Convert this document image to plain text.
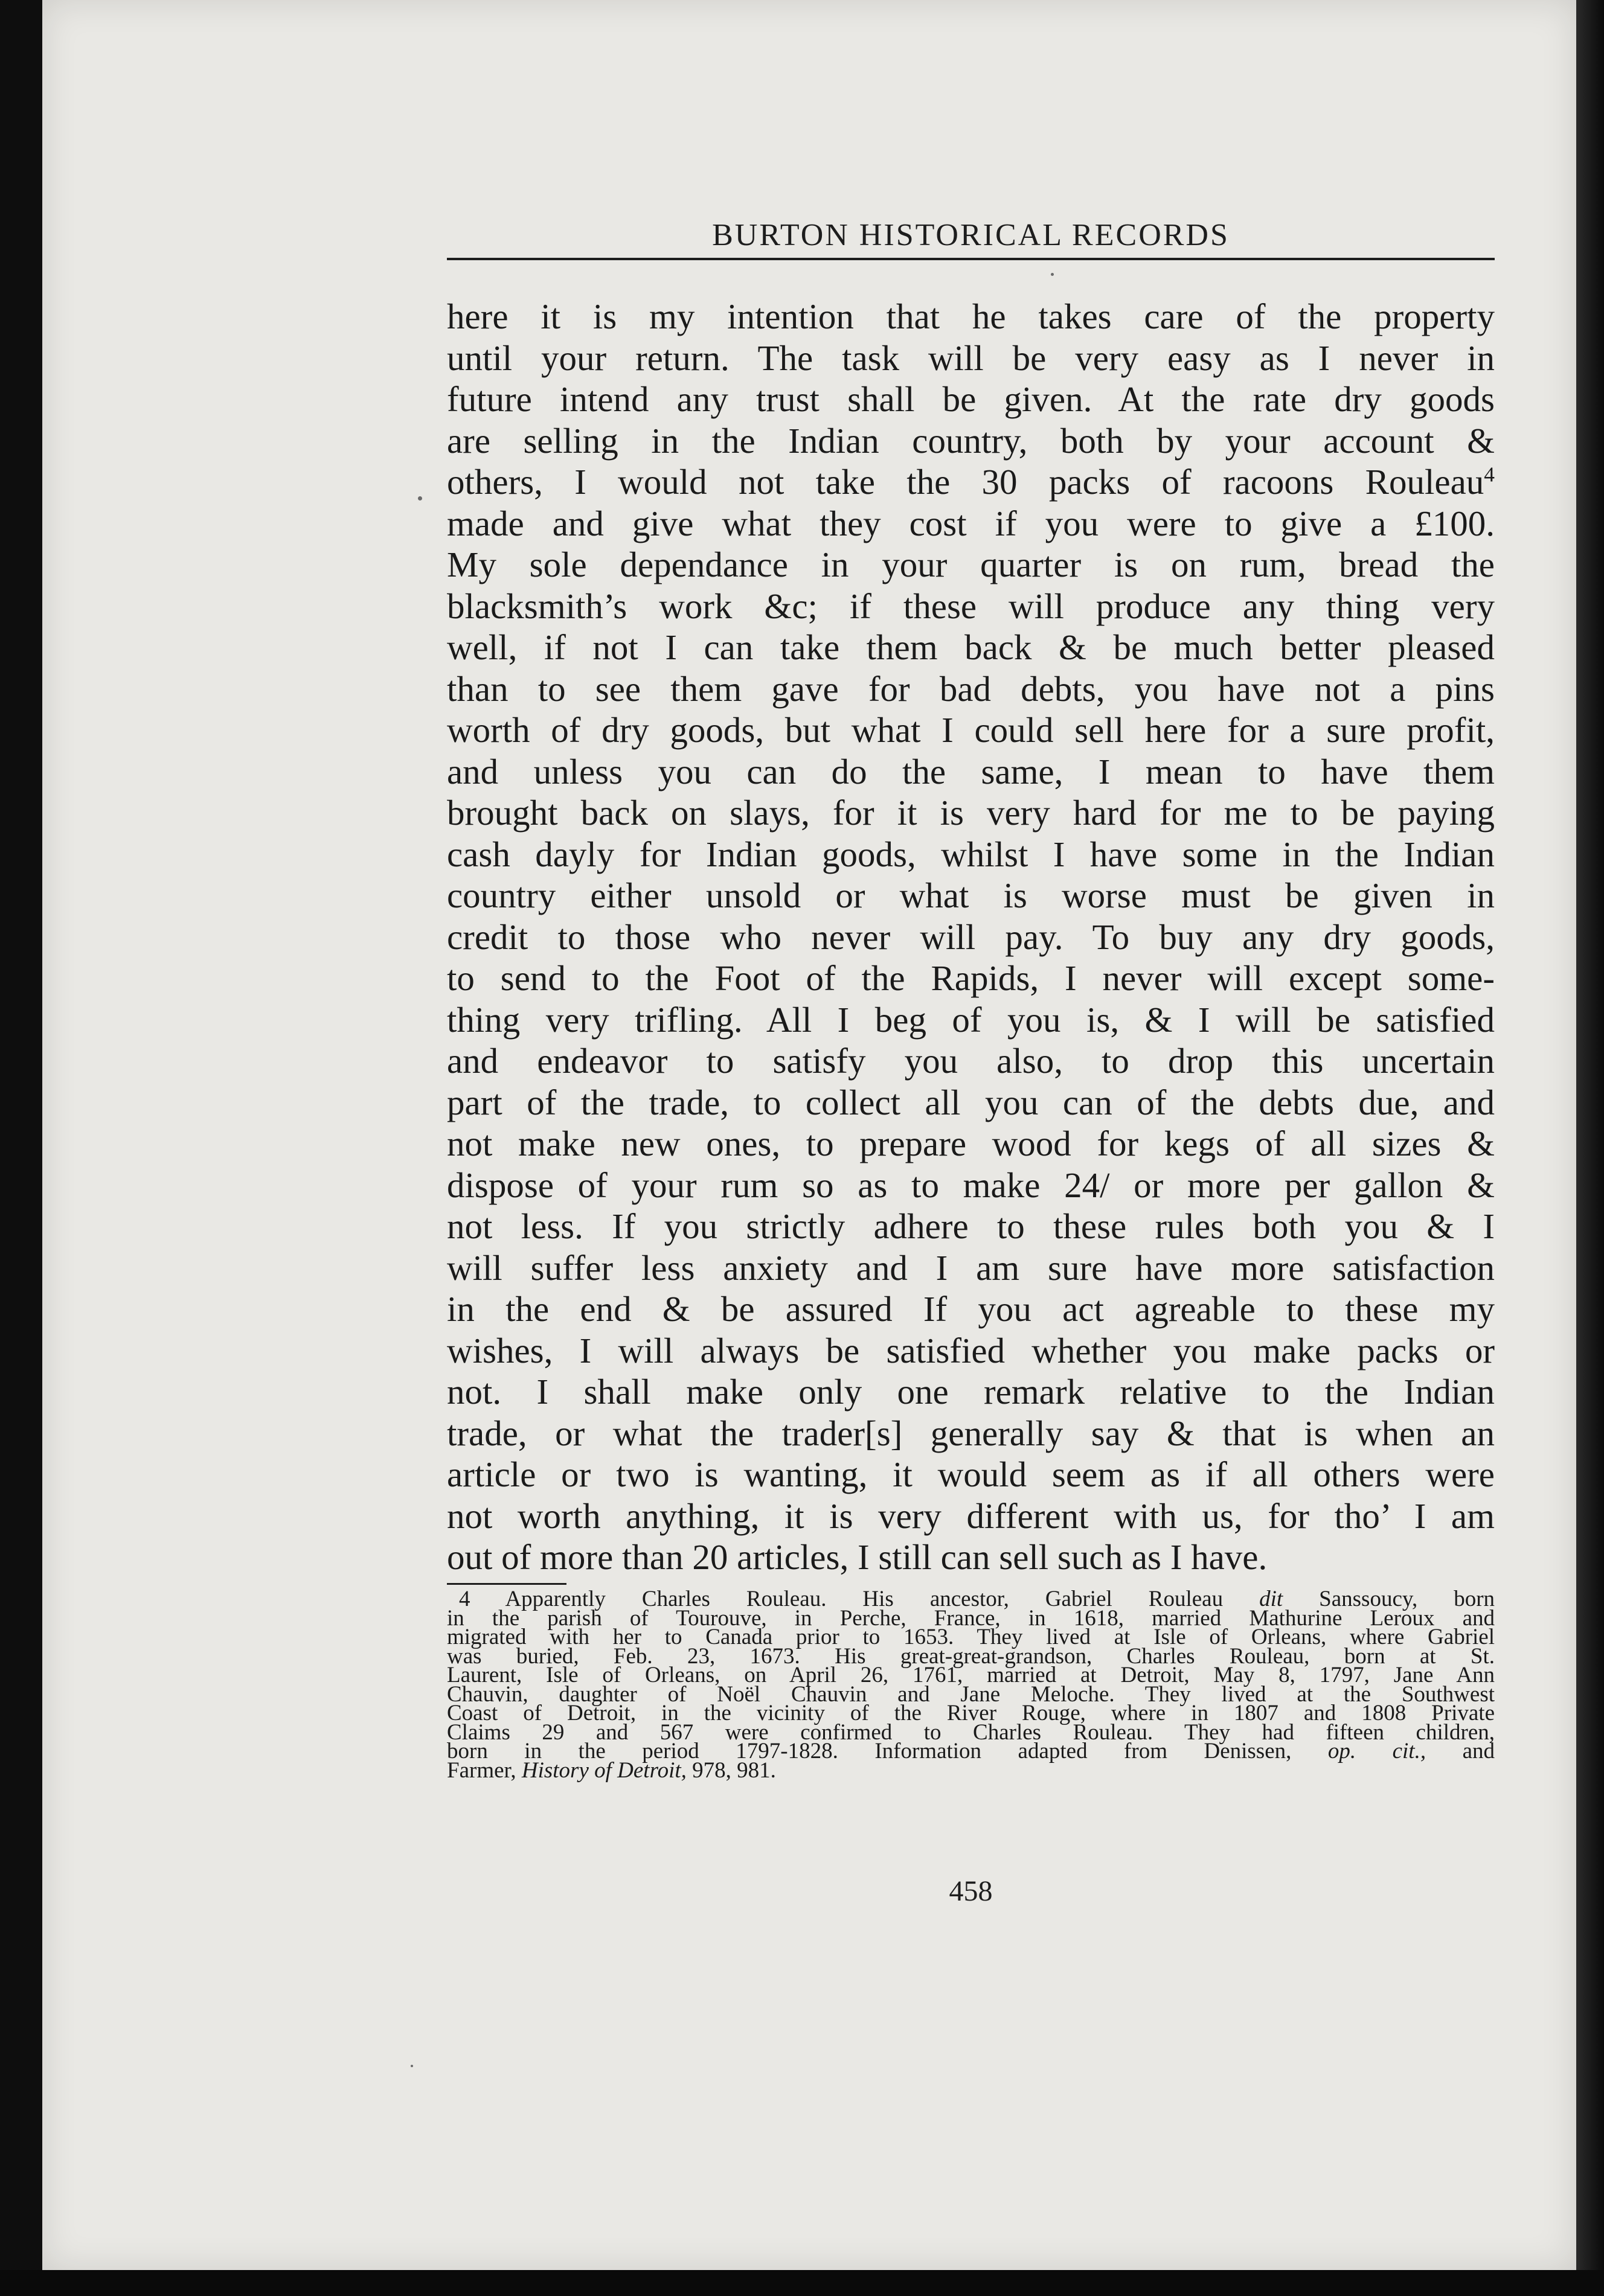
BURTON HISTORICAL RECORDS
here it is my intention that he takes care of the property
until your return. The task will be very easy as I never in
future intend any trust shall be given. At the rate dry goods
are selling in the Indian country, both by your account &
others, I would not take the 30 packs of racoons Rouleau$^4$
made and give what they cost if you were to give a £100.
My sole dependance in your quarter is on rum, bread the
blacksmith’s work &c; if these will produce any thing very
well, if not I can take them back & be much better pleased
than to see them gave for bad debts, you have not a pins
worth of dry goods, but what I could sell here for a sure profit,
and unless you can do the same, I mean to have them
brought back on slays, for it is very hard for me to be paying
cash dayly for Indian goods, whilst I have some in the Indian
country either unsold or what is worse must be given in
credit to those who never will pay. To buy any dry goods,
to send to the Foot of the Rapids, I never will except some-
thing very trifling. All I beg of you is, & I will be satisfied
and endeavor to satisfy you also, to drop this uncertain
part of the trade, to collect all you can of the debts due, and
not make new ones, to prepare wood for kegs of all sizes &
dispose of your rum so as to make 24/ or more per gallon &
not less. If you strictly adhere to these rules both you & I
will suffer less anxiety and I am sure have more satisfaction
in the end & be assured If you act agreable to these my
wishes, I will always be satisfied whether you make packs or
not. I shall make only one remark relative to the Indian
trade, or what the trader[s] generally say & that is when an
article or two is wanting, it would seem as if all others were
not worth anything, it is very different with us, for tho’ I am
out of more than 20 articles, I still can sell such as I have.
4 Apparently Charles Rouleau. His ancestor, Gabriel Rouleau dit Sanssoucy, born
in the parish of Tourouve, in Perche, France, in 1618, married Mathurine Leroux and
migrated with her to Canada prior to 1653. They lived at Isle of Orleans, where Gabriel
was buried, Feb. 23, 1673. His great-great-grandson, Charles Rouleau, born at St.
Laurent, Isle of Orleans, on April 26, 1761, married at Detroit, May 8, 1797, Jane Ann
Chauvin, daughter of Noël Chauvin and Jane Meloche. They lived at the Southwest
Coast of Detroit, in the vicinity of the River Rouge, where in 1807 and 1808 Private
Claims 29 and 567 were confirmed to Charles Rouleau. They had fifteen children,
born in the period 1797-1828. Information adapted from Denissen, op. cit., and
Farmer, History of Detroit, 978, 981.
458
